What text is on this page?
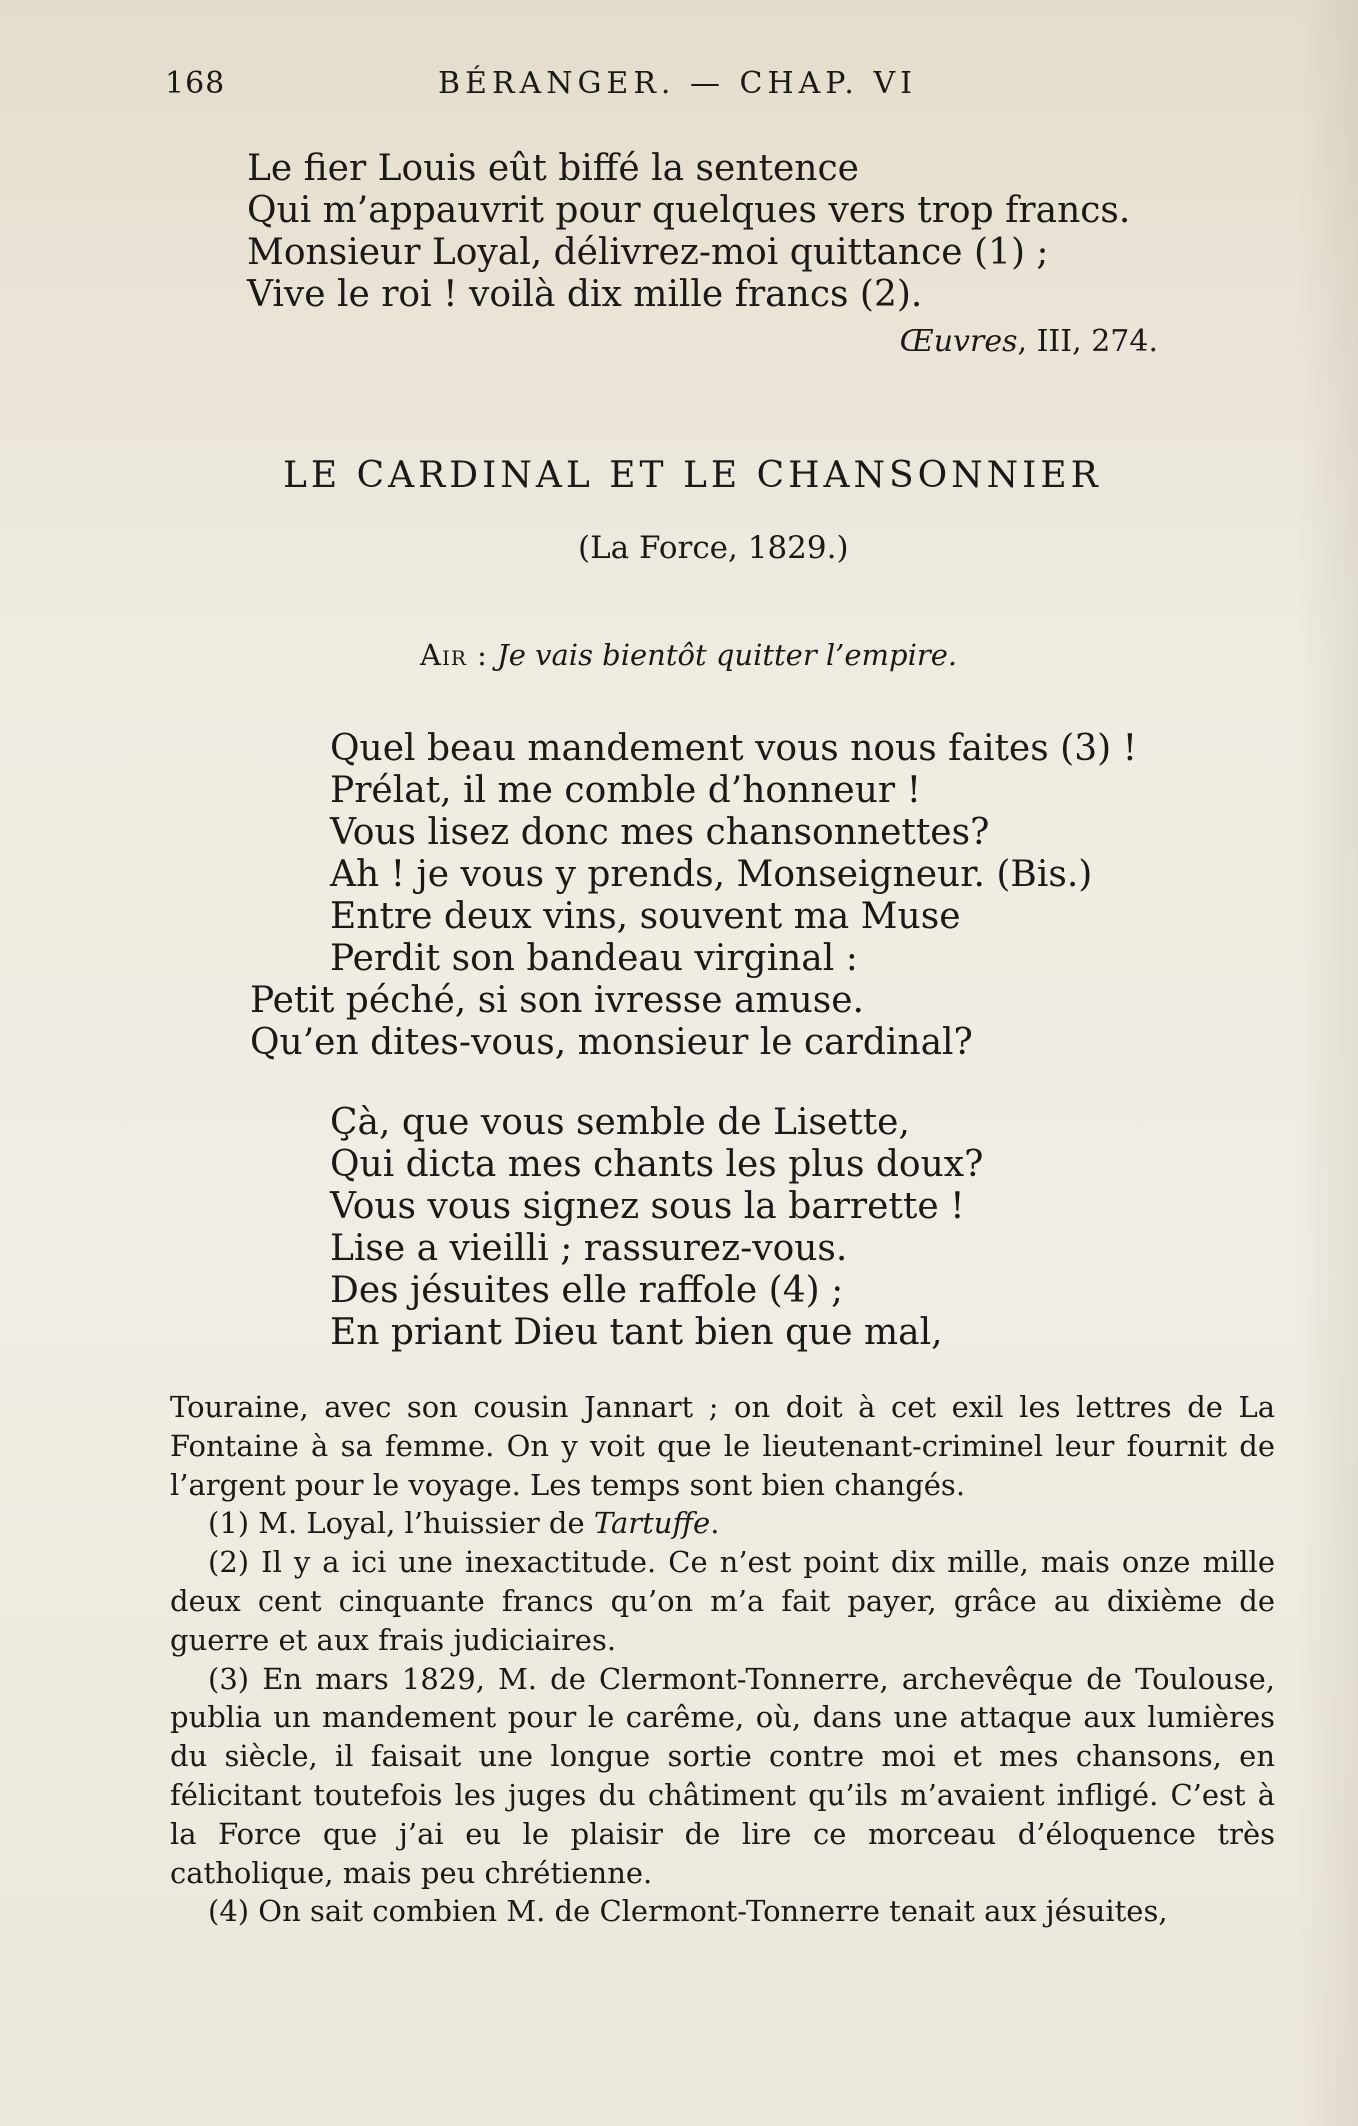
168	BÉRANGER. — CHAP. VI
Le fier Louis eût biffé la sentence
Qui m’appauvrit pour quelques vers trop francs.
Monsieur Loyal, délivrez-moi quittance (1) ;
Vive le roi ! voilà dix mille francs (2).
Œuvres, III, 274.
LE CARDINAL ET LE CHANSONNIER
(La Force, 1829.)
Air : Je vais bientôt quitter l’empire.
Quel beau mandement vous nous faites (3) !
Prélat, il me comble d’honneur !
Vous lisez donc mes chansonnettes?
Ah ! je vous y prends, Monseigneur. (Bis.)
Entre deux vins, souvent ma Muse
Perdit son bandeau virginal :
Petit péché, si son ivresse amuse.
Qu’en dites-vous, monsieur le cardinal?
Çà, que vous semble de Lisette,
Qui dicta mes chants les plus doux?
Vous vous signez sous la barrette !
Lise a vieilli ; rassurez-vous.
Des jésuites elle raffole (4) ;
En priant Dieu tant bien que mal,

Touraine, avec son cousin Jannart ; on doit à cet exil les lettres de La Fontaine à sa femme. On y voit que le lieutenant-criminel leur fournit de l’argent pour le voyage. Les temps sont bien changés.

(1) M. Loyal, l’huissier de Tartuffe.

(2) Il y a ici une inexactitude. Ce n’est point dix mille, mais onze mille deux cent cinquante francs qu’on m’a fait payer, grâce au dixième de guerre et aux frais judiciaires.

(3) En mars 1829, M. de Clermont-Tonnerre, archevêque de Toulouse, publia un mandement pour le carême, où, dans une attaque aux lumières du siècle, il faisait une longue sortie contre moi et mes chansons, en félicitant toutefois les juges du châtiment qu’ils m’avaient infligé. C’est à la Force que j’ai eu le plaisir de lire ce morceau d’éloquence très catholique, mais peu chrétienne.

(4) On sait combien M. de Clermont-Tonnerre tenait aux jésuites,
